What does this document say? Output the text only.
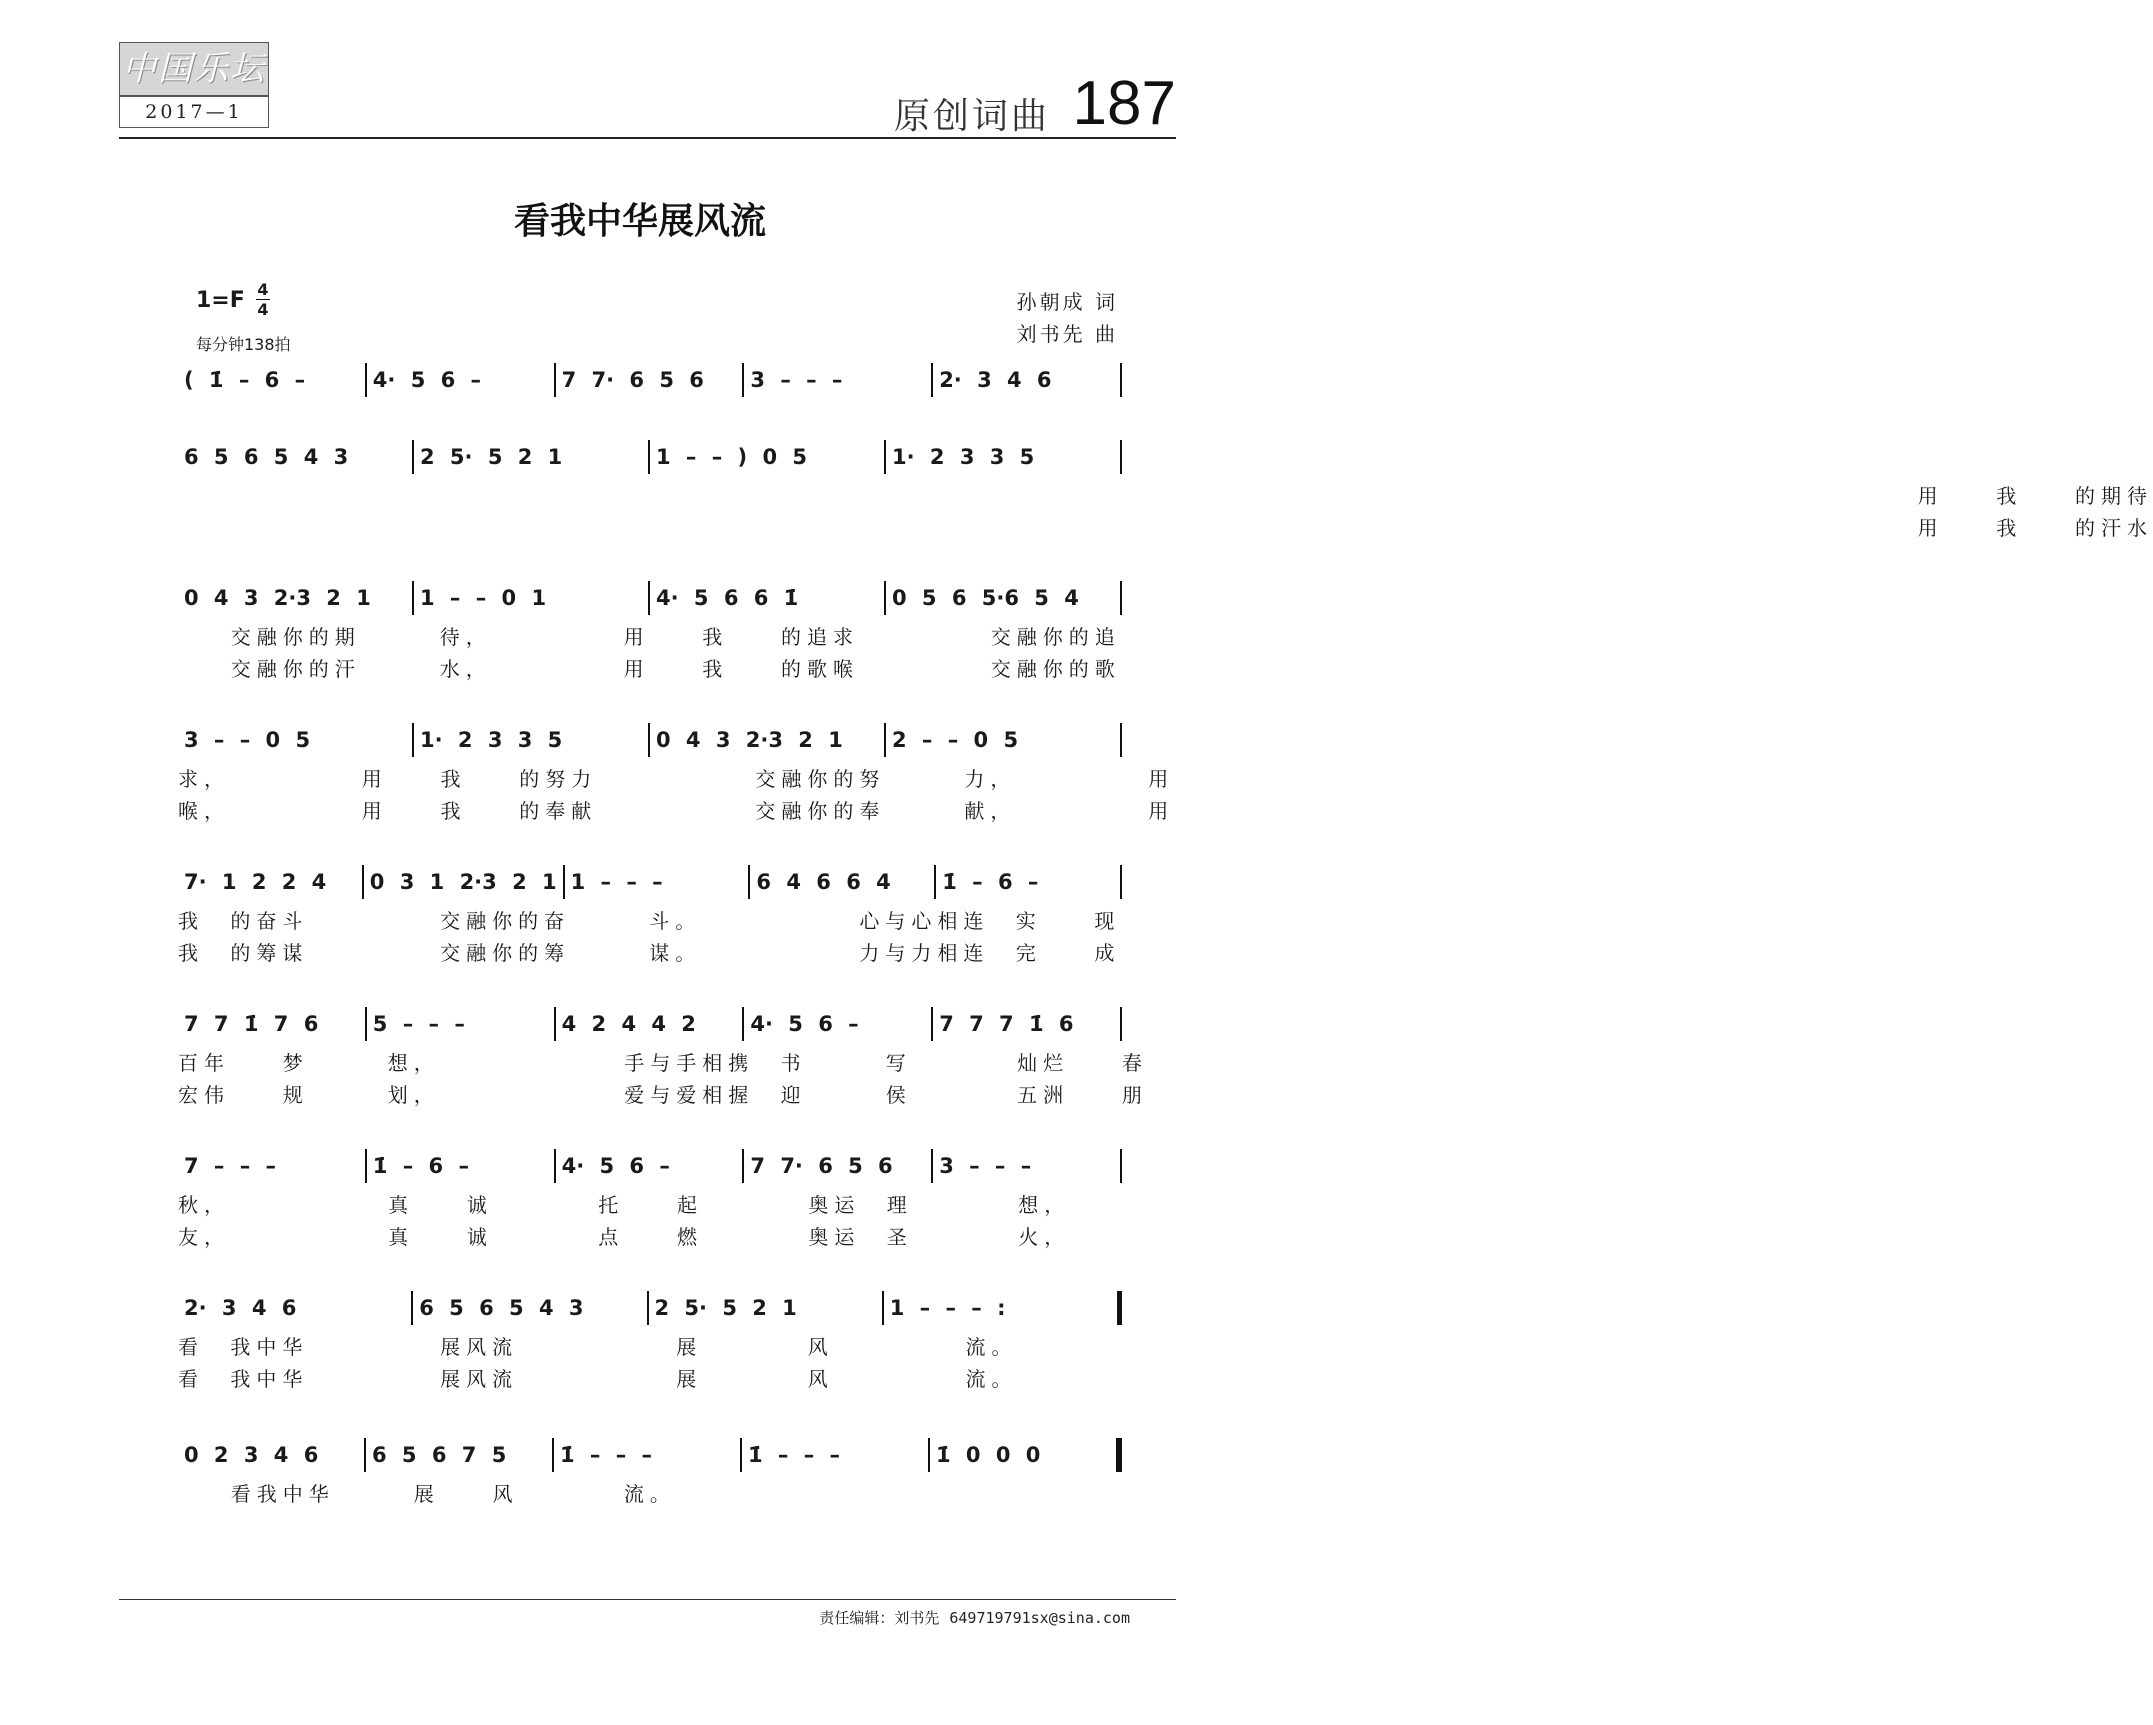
中国乐坛
2017—1	原创词曲 187
看我中华展风流
1=F 4
4
每分钟138拍
孙朝成 词
刘书先 曲
( 1̇ – 6 –	4· 5 6 –	7 7· 6 5 6	3 – – –	2· 3 4 6
6 5 6 5 4 3	2 5· 5 2 1	1 – – ) 0 5	1· 2 3 3 5
用  我  的期待
用  我  的汗水
0 4 3 2·3 2 1	1 – – 0 1	4· 5 6 6 1̇	0 5 6 5·6 5 4
交融你的期   待，     用  我  的追求     交融你的追
交融你的汗   水，     用  我  的歌喉     交融你的歌
3 – – 0 5	1· 2 3 3 5	0 4 3 2·3 2 1	2 – – 0 5
求，     用  我  的努力      交融你的努   力，     用
喉，     用  我  的奉献      交融你的奉   献，     用
7· 1 2 2 4	0 3 1 2·3 2 1 1 – – –	6 4 6 6 4	1̇ – 6 –
我 的奋斗     交融你的奋   斗。      心与心相连 实  现
我 的筹谋     交融你的筹   谋。      力与力相连 完  成
7 7 1̇ 7 6	5 – – –	4 2 4 4 2	4· 5 6 –	7 7 7 1̇ 6
百年  梦   想，       手与手相携 书   写    灿烂  春
宏伟  规   划，       爱与爱相握 迎   侯    五洲  朋
7 – – –	1̇ – 6 –	4· 5 6 –	7 7· 6 5 6	3 – – –
秋，      真  诚    托  起    奥运 理    想，
友，      真  诚    点  燃    奥运 圣    火，
2· 3 4 6	6 5 6 5 4 3	2 5· 5 2 1	1 – – – :
看 我中华     展风流      展    风     流。
看 我中华     展风流      展    风     流。
0 2 3 4 6	6 5 6 7 5	1̇ – – –	1̇ – – –	1̇ 0 0 0
看我中华   展  风    流。
责任编辑：刘书先 649719791sx@sina.com
